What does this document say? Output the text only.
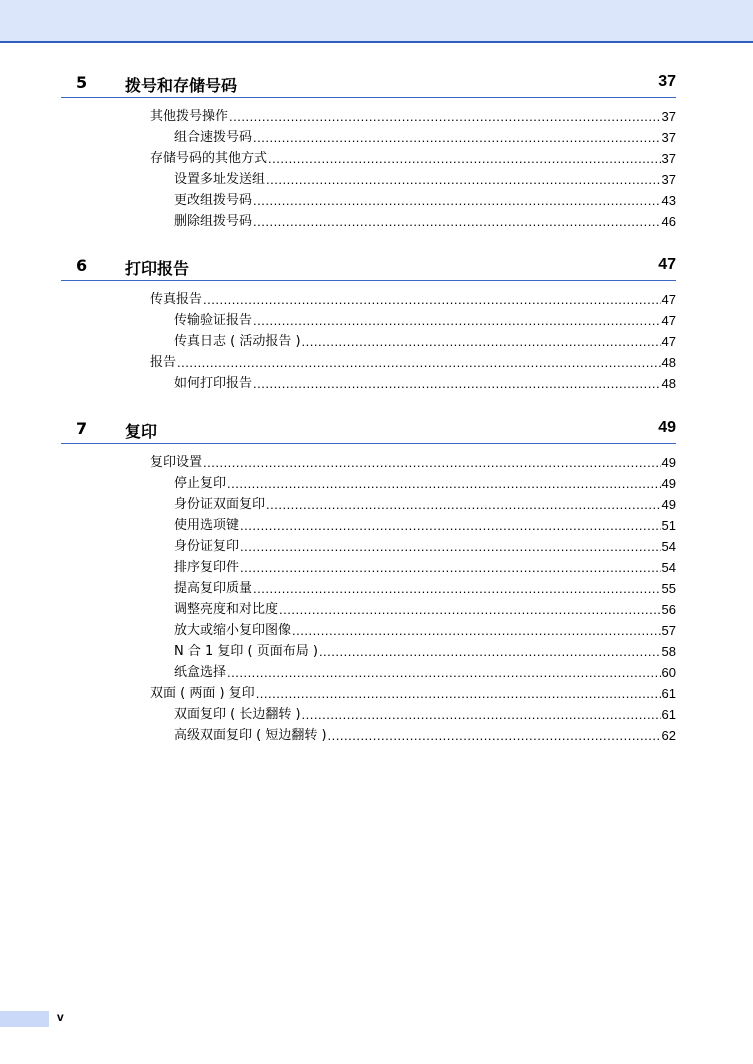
5 拨号和存储号码	37
其他拨号操作 .....	37
组合速拨号码 .....	37
存储号码的其他方式 .....	37
设置多址发送组 .....	37
更改组拨号码 .....	43
删除组拨号码 .....	46
6 打印报告	47
传真报告 .....	47
传输验证报告 .....	47
传真日志 ( 活动报告 ) .....	47
报告 .....	48
如何打印报告 .....	48
7 复印	49
复印设置 .....	49
停止复印 .....	49
身份证双面复印 .....	49
使用选项键 .....	51
身份证复印 .....	54
排序复印件 .....	54
提高复印质量 .....	55
调整亮度和对比度 .....	56
放大或缩小复印图像 .....	57
N 合 1 复印 ( 页面布局 ) .....	58
纸盒选择 .....	60
双面 ( 两面 ) 复印 .....	61
双面复印 ( 长边翻转 ) .....	61
高级双面复印 ( 短边翻转 ) .....	62
v
